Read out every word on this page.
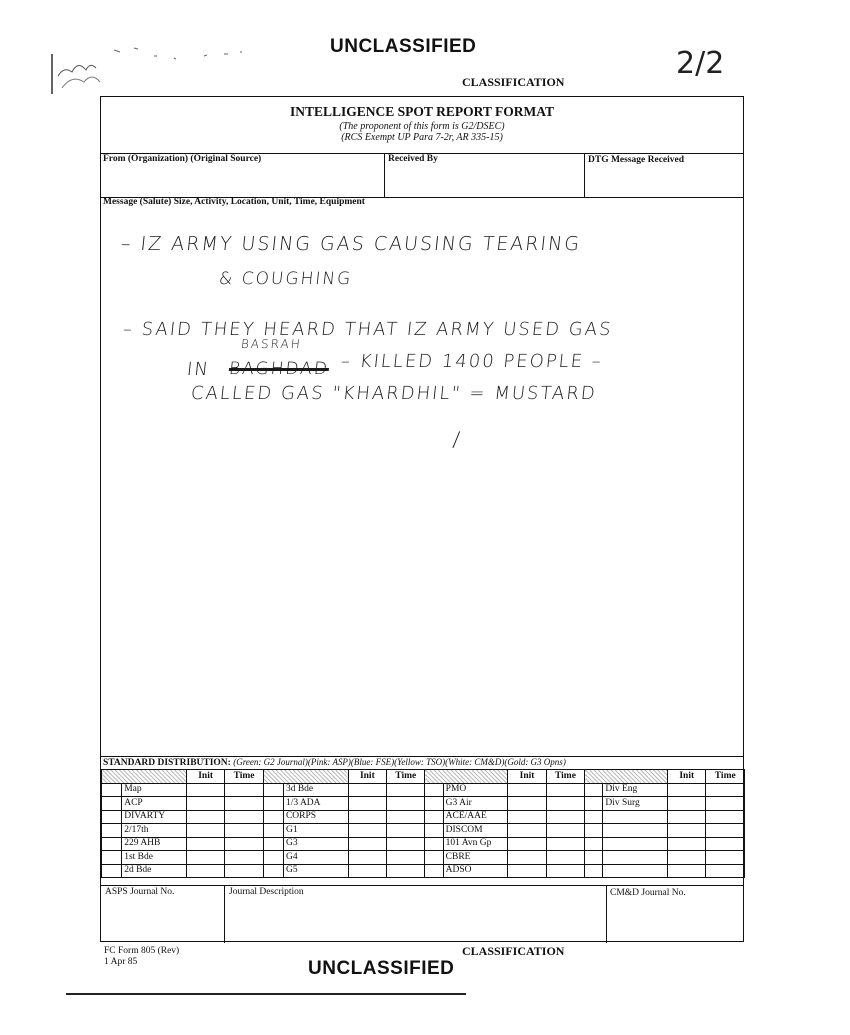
UNCLASSIFIED
CLASSIFICATION
2/2
INTELLIGENCE SPOT REPORT FORMAT
(The proponent of this form is G2/DSEC)
(RCS Exempt UP Para 7-2r, AR 335-15)
From (Organization) (Original Source)	Received By	DTG Message Received
Message (Salute) Size, Activity, Location, Unit, Time, Equipment
– IZ ARMY USING GAS CAUSING TEARING
& COUGHING
– SAID THEY HEARD THAT IZ ARMY USED GAS
BASRAH
IN BAGHDAD – KILLED 1400 PEOPLE –
CALLED GAS "KHARDHIL" = MUSTARD
/
STANDARD DISTRIBUTION: (Green: G2 Journal)(Pink: ASP)(Blue: FSE)(Yellow: TSO)(White: CM&D)(Gold: G3 Opns)
		Init	Time			Init	Time			Init	Time			Init	Time
	Map				3d Bde				PMO				Div Eng		
	ACP				1/3 ADA				G3 Air				Div Surg		
	DIVARTY				CORPS				ACE/AAE						
	2/17th				G1				DISCOM						
	229 AHB				G3				101 Avn Gp						
	1st Bde				G4				CBRE						
	2d Bde				G5				ADSO						
ASPS Journal No.	Journal Description	CM&D Journal No.
FC Form 805 (Rev)
1 Apr 85
CLASSIFICATION
UNCLASSIFIED
